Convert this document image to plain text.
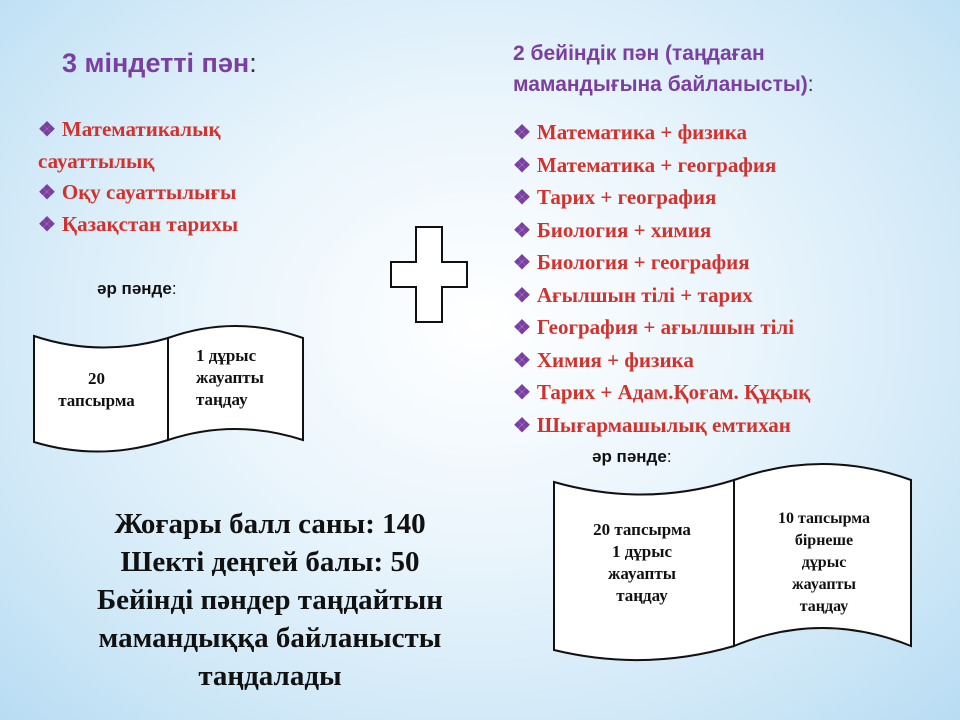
3 міндетті пән:	2 бейіндік пән (таңдаған
мамандығына байланысты):
❖ Математикалық сауаттылық
❖ Оқу сауаттылығы
❖ Қазақстан тарихы
❖ Математика + физика
❖ Математика + география
❖ Тарих + география
❖ Биология + химия
❖ Биология + география
❖ Ағылшын тілі + тарих
❖ География + ағылшын тілі
❖ Химия + физика
❖ Тарих + Адам.Қоғам. Құқық
❖ Шығармашылық емтихан
әр пәнде:
әр пәнде:
20
тапсырма
1 дұрыс
жауапты
таңдау
20 тапсырма
1 дұрыс
жауапты
таңдау
10 тапсырма
бірнеше
дұрыс
жауапты
таңдау
Жоғары балл саны: 140
Шекті деңгей балы: 50
Бейінді пәндер таңдайтын
мамандыққа байланысты
таңдалады
